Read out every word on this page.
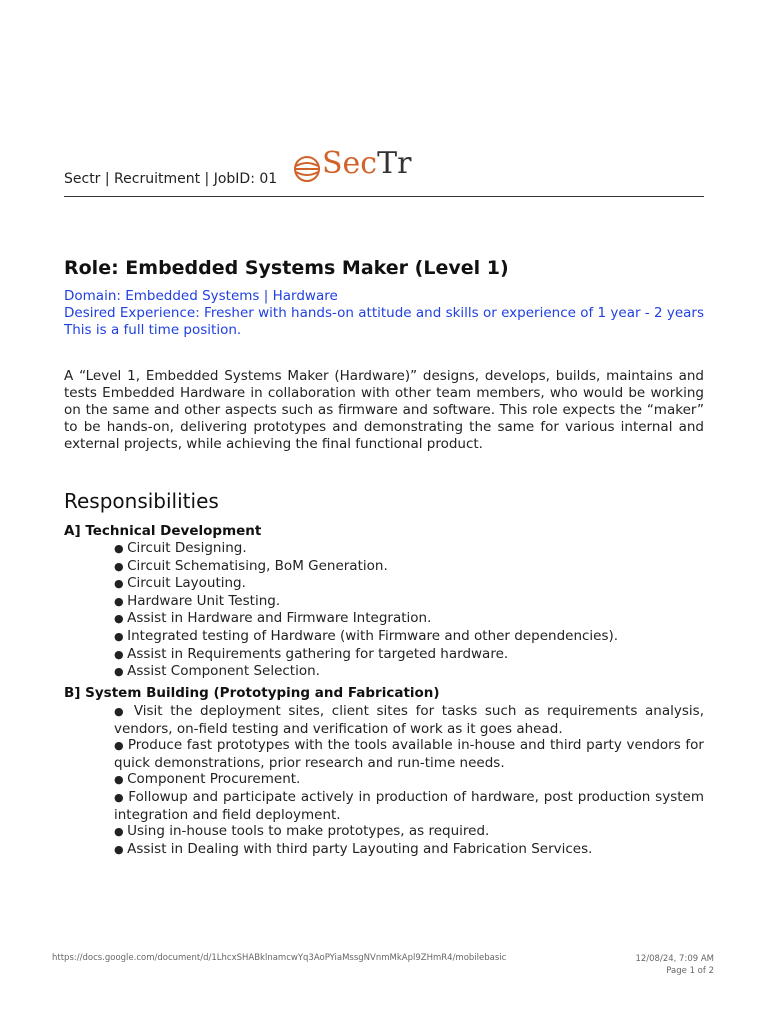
Sectr | Recruitment | JobID: 01 SecTr
Role: Embedded Systems Maker (Level 1)
Domain: Embedded Systems | Hardware
Desired Experience: Fresher with hands-on attitude and skills or experience of 1 year - 2 years
This is a full time position.

A “Level 1, Embedded Systems Maker (Hardware)” designs, develops, builds, maintains and tests Embedded Hardware in collaboration with other team members, who would be working on the same and other aspects such as firmware and software. This role expects the “maker” to be hands-on, delivering prototypes and demonstrating the same for various internal and external projects, while achieving the final functional product.

Responsibilities
A] Technical Development
● Circuit Designing.
● Circuit Schematising, BoM Generation.
● Circuit Layouting.
● Hardware Unit Testing.
● Assist in Hardware and Firmware Integration.
● Integrated testing of Hardware (with Firmware and other dependencies).
● Assist in Requirements gathering for targeted hardware.
● Assist Component Selection.
B] System Building (Prototyping and Fabrication)
● Visit the deployment sites, client sites for tasks such as requirements analysis, vendors, on-field testing and verification of work as it goes ahead.
● Produce fast prototypes with the tools available in-house and third party vendors for quick demonstrations, prior research and run-time needs.
● Component Procurement.
● Followup and participate actively in production of hardware, post production system integration and field deployment.
● Using in-house tools to make prototypes, as required.
● Assist in Dealing with third party Layouting and Fabrication Services.
https://docs.google.com/document/d/1LhcxSHABklnamcwYq3AoPYiaMssgNVnmMkApl9ZHmR4/mobilebasic	12/08/24, 7:09 AM
Page 1 of 2
